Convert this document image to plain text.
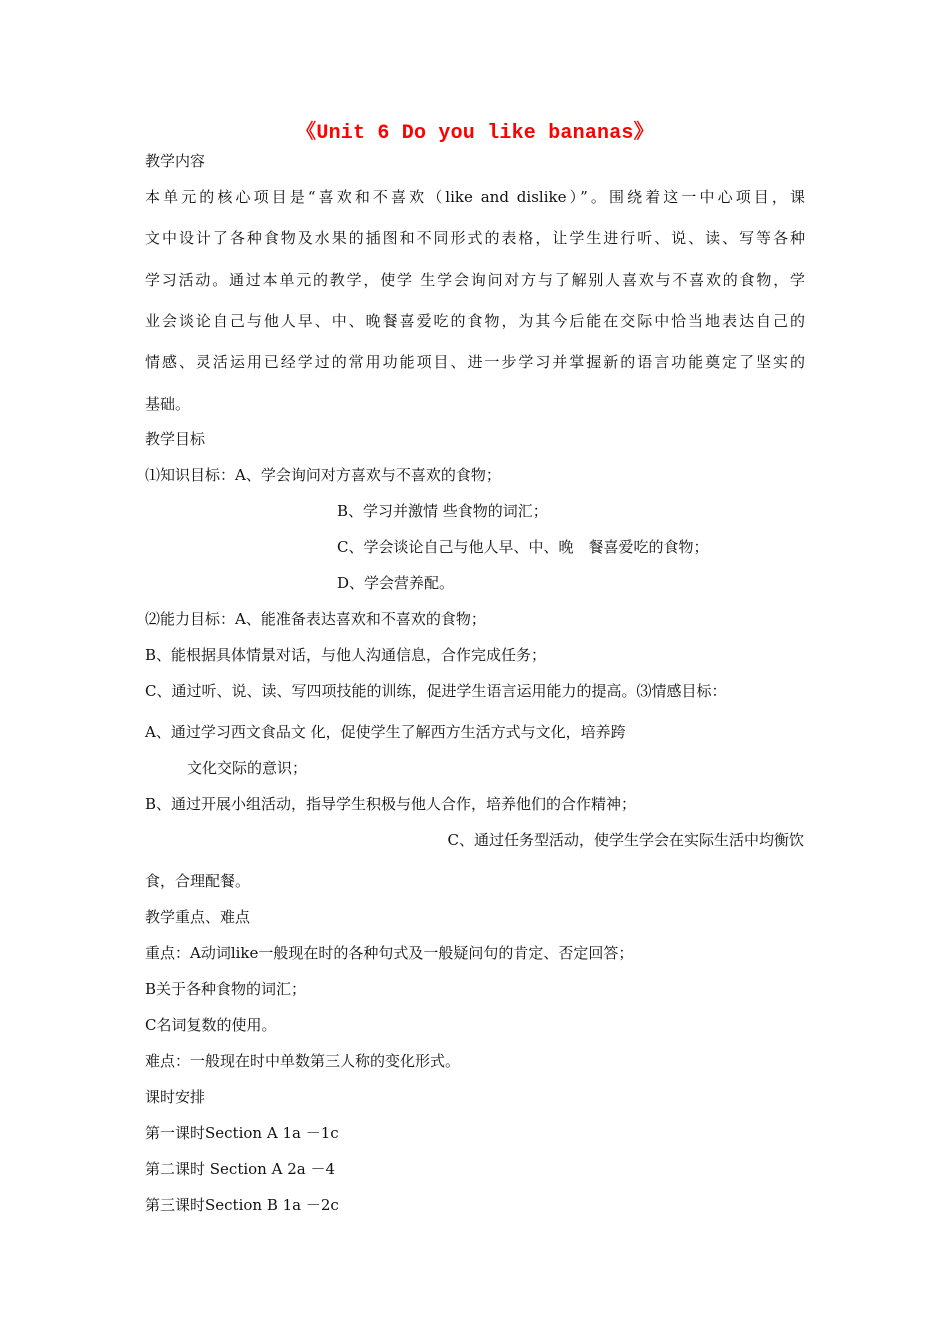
《Unit 6 Do you like bananas》
教学内容
本单元的核心项目是“喜欢和不喜欢（like and dislike）”。围绕着这一中心项目，课
文中设计了各种食物及水果的插图和不同形式的表格，让学生进行听、说、读、写等各种
学习活动。通过本单元的教学，使学 生学会询问对方与了解别人喜欢与不喜欢的食物，学
业会谈论自己与他人早、中、晚餐喜爱吃的食物，为其今后能在交际中恰当地表达自己的
情感、灵活运用已经学过的常用功能项目、进一步学习并掌握新的语言功能奠定了坚实的
基础。
教学目标
⑴知识目标：A、学会询问对方喜欢与不喜欢的食物；
B、学习并激情 些食物的词汇；
C、学会谈论自己与他人早、中、晚　餐喜爱吃的食物；
D、学会营养配。
⑵能力目标：A、能准备表达喜欢和不喜欢的食物；
B、能根据具体情景对话，与他人沟通信息，合作完成任务；
C、通过听、说、读、写四项技能的训练，促进学生语言运用能力的提高。⑶情感目标：
A、通过学习西文食品文 化，促使学生了解西方生活方式与文化，培养跨
文化交际的意识；
B、通过开展小组活动，指导学生积极与他人合作，培养他们的合作精神；
C、通过任务型活动，使学生学会在实际生活中均衡饮
食，合理配餐。
教学重点、难点
重点：A动词like一般现在时的各种句式及一般疑问句的肯定、否定回答；
B关于各种食物的词汇；
C名词复数的使用。
难点：一般现在时中单数第三人称的变化形式。
课时安排
第一课时Section A 1a －1c
第二课时 Section A 2a －4
第三课时Section B 1a －2c
